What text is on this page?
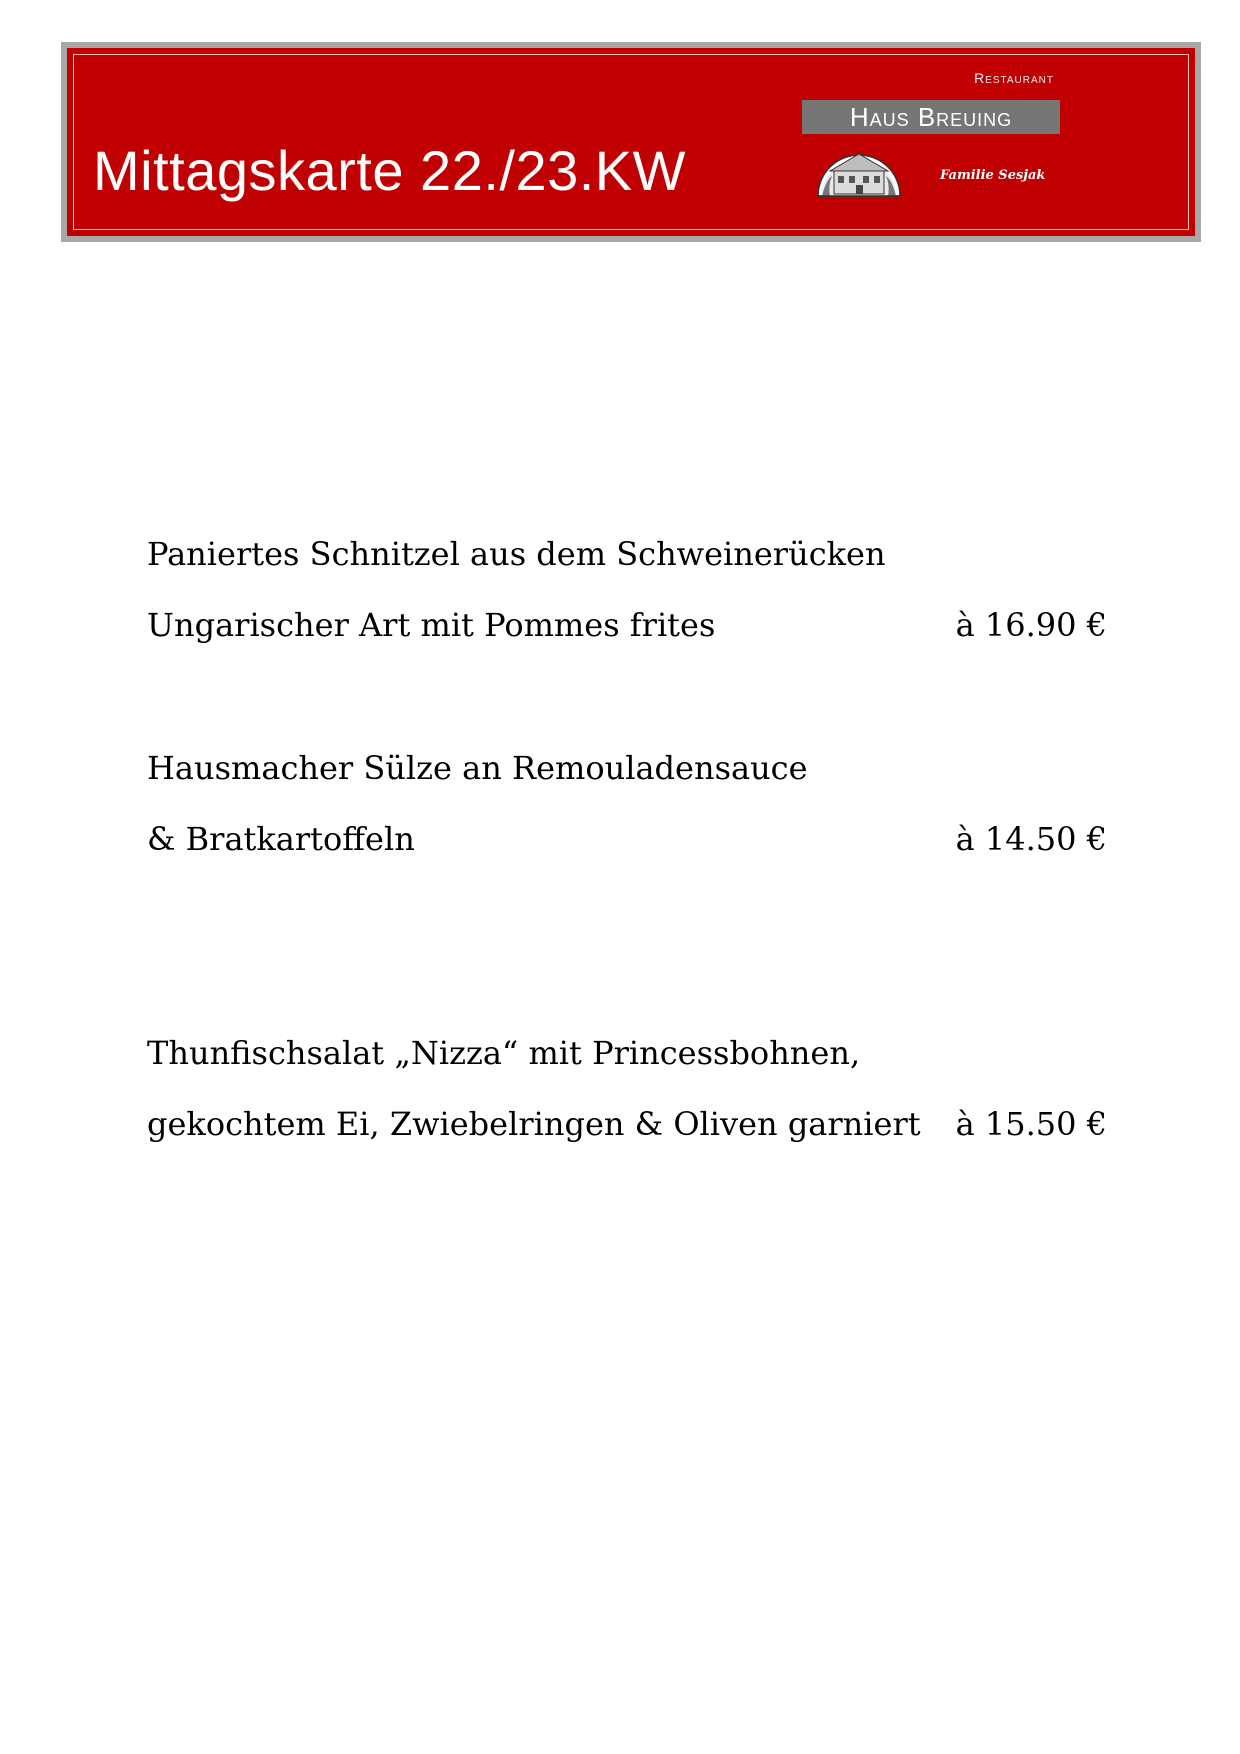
Mittagskarte 22./23.KW
Restaurant
Haus Breuing
Familie Sesjak
Paniertes Schnitzel aus dem Schweinerücken
Ungarischer Art mit Pommes frites	à 16.90 €
Hausmacher Sülze an Remouladensauce
& Bratkartoffeln	à 14.50 €
Thunfischsalat „Nizza“ mit Princessbohnen,
gekochtem Ei, Zwiebelringen & Oliven garniert à 15.50 €
